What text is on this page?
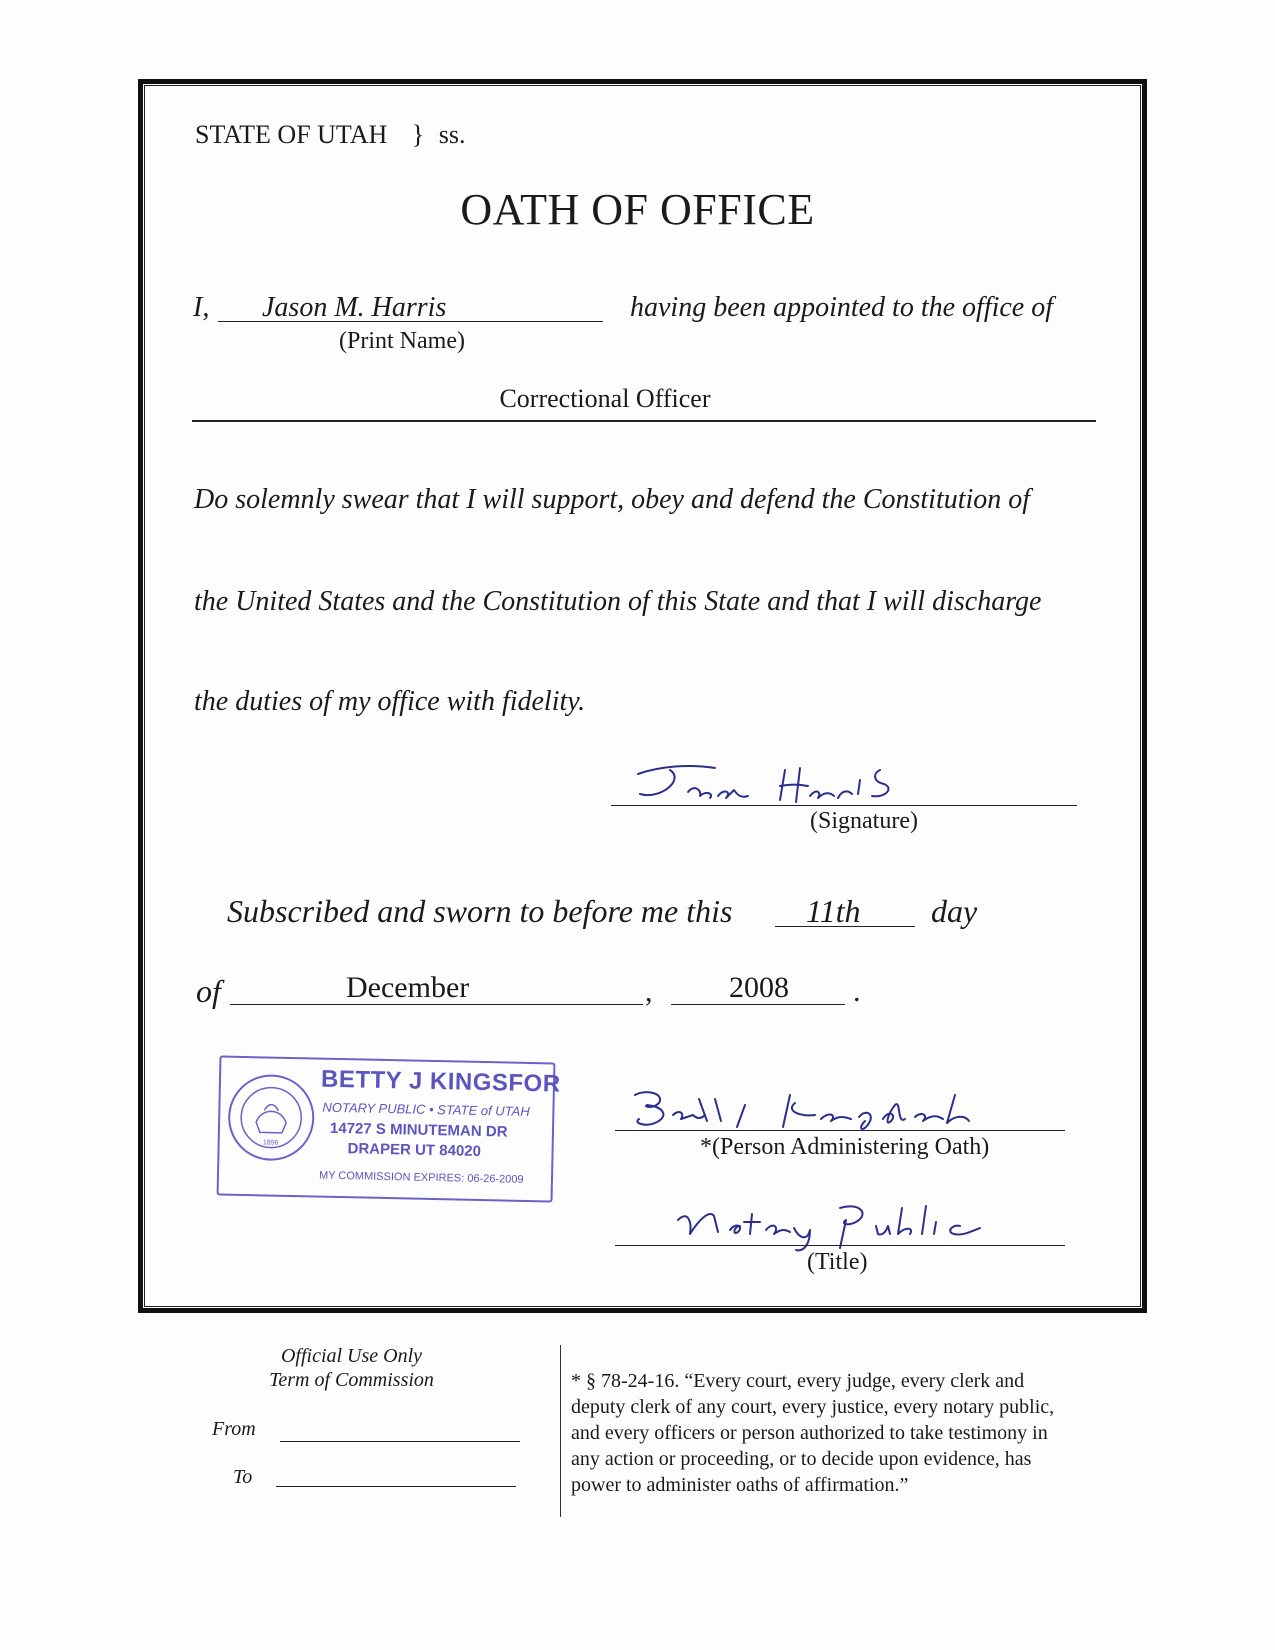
STATE OF UTAH } ss.
OATH OF OFFICE
I, Jason M. Harris	having been appointed to the office of
(Print Name)
Correctional Officer
Do solemnly swear that I will support, obey and defend the Constitution of
the United States and the Constitution of this State and that I will discharge
the duties of my office with fidelity.
Jason Harris
(Signature)
Subscribed and sworn to before me this 11th day
of	December	,	2008 .
1896
BETTY J KINGSFOR
NOTARY PUBLIC • STATE of UTAH
14727 S MINUTEMAN DR
DRAPER UT 84020
MY COMMISSION EXPIRES: 06-26-2009
Betty J Kingsford
*(Person Administering Oath)
Notary Public
(Title)
Official Use Only
Term of Commission
From
To
* § 78-24-16. “Every court, every judge, every clerk and
deputy clerk of any court, every justice, every notary public,
and every officers or person authorized to take testimony in
any action or proceeding, or to decide upon evidence, has
power to administer oaths of affirmation.”
